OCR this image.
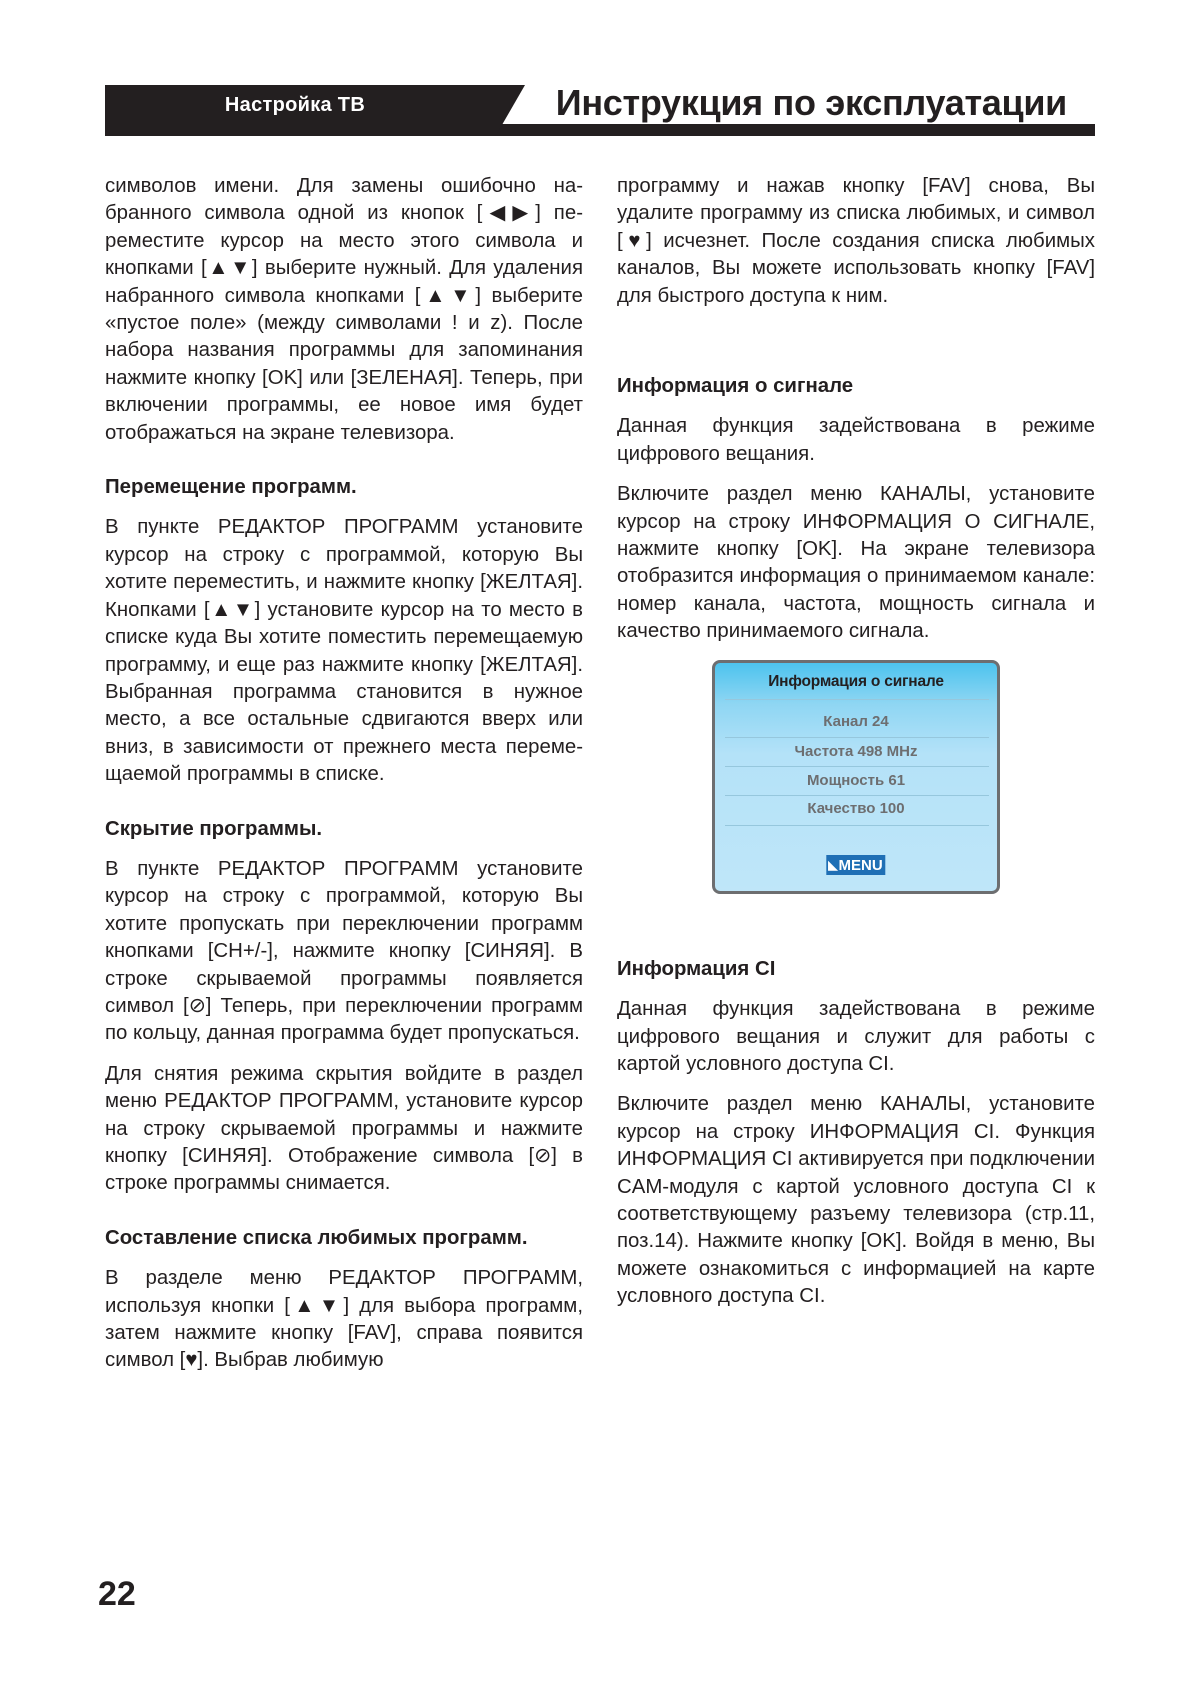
Настройка ТВ	Инструкция по эксплуатации

символов имени. Для замены ошибочно набранного символа одной из кнопок [◀▶] переместите курсор на место этого символа и кнопками [▲▼] выберите нужный. Для удаления набранного символа кнопками [▲▼] выберите «пустое поле» (между символами ! и z). После набора названия программы для запоминания нажмите кнопку [OK] или [ЗЕЛЕНАЯ]. Теперь, при включении программы, ее новое имя будет отображаться на экране телевизора.

Перемещение программ.

В пункте РЕДАКТОР ПРОГРАММ установите курсор на строку с программой, которую Вы хотите переместить, и нажмите кнопку [ЖЕЛТАЯ]. Кнопками [▲▼] установите курсор на то место в списке куда Вы хотите поместить перемещаемую программу, и еще раз нажмите кнопку [ЖЕЛТАЯ]. Выбранная программа становится в нужное место, а все остальные сдвигаются вверх или вниз, в зависимости от прежнего места перемещаемой программы в списке.

Скрытие программы.

В пункте РЕДАКТОР ПРОГРАММ установите курсор на строку с программой, которую Вы хотите пропускать при переключении программ кнопками [CH+/-], нажмите кнопку [СИНЯЯ]. В строке скрываемой программы появляется символ [⊘] Теперь, при переключении программ по кольцу, данная программа будет пропускаться.

Для снятия режима скрытия войдите в раздел меню РЕДАКТОР ПРОГРАММ, установите курсор на строку скрываемой программы и нажмите кнопку [СИНЯЯ]. Отображение символа [⊘] в строке программы снимается.

Составление списка любимых программ.

В разделе меню РЕДАКТОР ПРОГРАММ, используя кнопки [▲▼] для выбора программ, затем нажмите кнопку [FAV], справа появится символ [♥]. Выбрав любимую

программу и нажав кнопку [FAV] снова, Вы удалите программу из списка любимых, и символ [♥] исчезнет. После создания списка любимых каналов, Вы можете использовать кнопку [FAV] для быстрого доступа к ним.

Информация о сигнале

Данная функция задействована в режиме цифрового вещания.

Включите раздел меню КАНАЛЫ, установите курсор на строку ИНФОРМАЦИЯ О СИГНАЛЕ, нажмите кнопку [OK]. На экране телевизора отобразится информация о принимаемом канале: номер канала, частота, мощность сигнала и качество принимаемого сигнала.

Информация о сигнале
Канал 24
Частота 498 MHz
Мощность 61
Качество 100
◣MENU
Информация CI

Данная функция задействована в режиме цифрового вещания и служит для работы с картой условного доступа CI.

Включите раздел меню КАНАЛЫ, установите курсор на строку ИНФОРМАЦИЯ CI. Функция ИНФОРМАЦИЯ CI активируется при подключении CAM-модуля с картой условного доступа CI к соответствующему разъему телевизора (стр.11, поз.14). Нажмите кнопку [OK]. Войдя в меню, Вы можете ознакомиться с информацией на карте условного доступа CI.

22
